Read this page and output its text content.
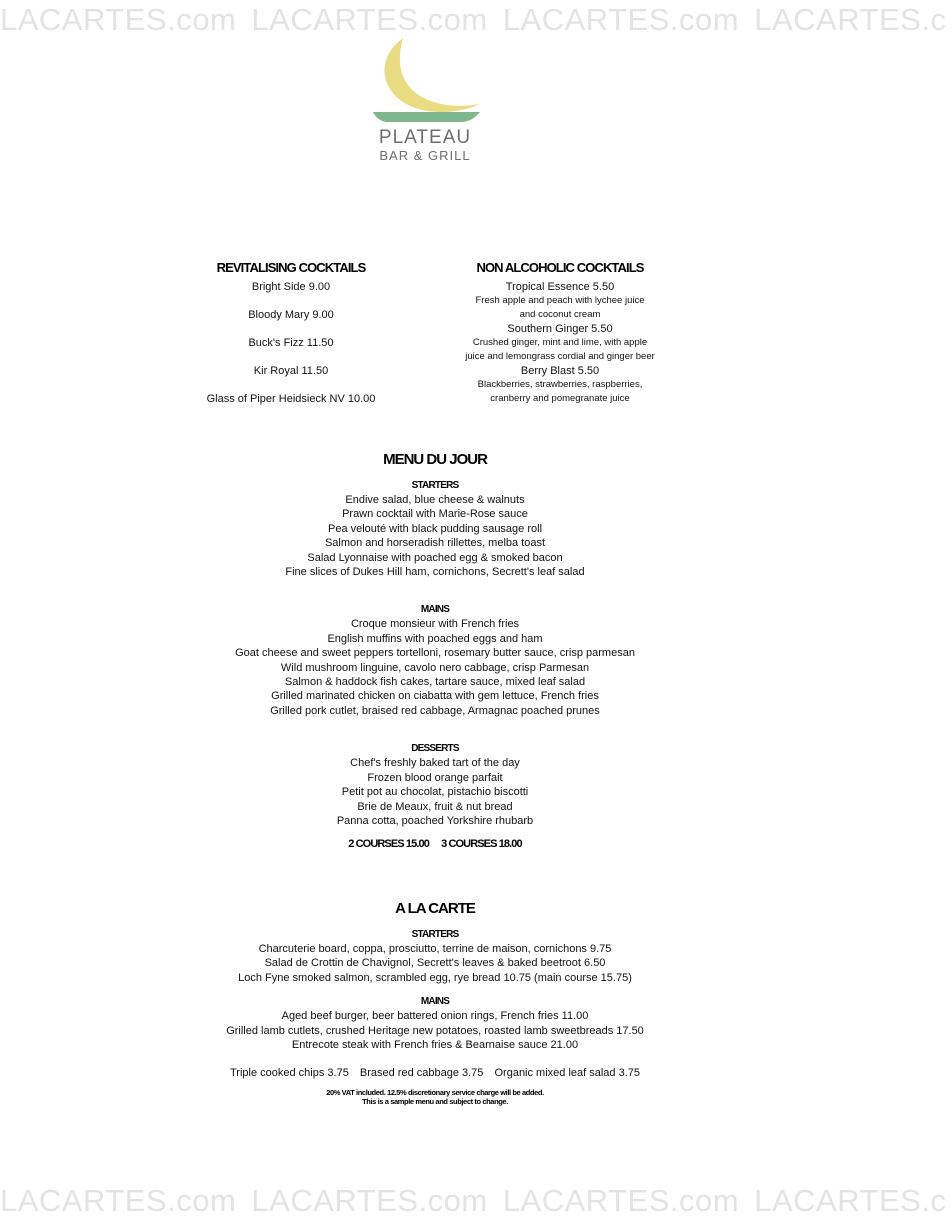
LACARTES.com LACARTES.com LACARTES.com LACARTES.c
LACARTES.com LACARTES.com LACARTES.com LACARTES.c
PLATEAU
BAR & GRILL
REVITALISING COCKTAILS
Bright Side 9.00
Bloody Mary 9.00
Buck's Fizz 11.50
Kir Royal 11.50
Glass of Piper Heidsieck NV 10.00
NON ALCOHOLIC COCKTAILS
Tropical Essence 5.50
Fresh apple and peach with lychee juice
and coconut cream
Southern Ginger 5.50
Crushed ginger, mint and lime, with apple
juice and lemongrass cordial and ginger beer
Berry Blast 5.50
Blackberries, strawberries, raspberries,
cranberry and pomegranate juice
MENU DU JOUR
STARTERS
Endive salad, blue cheese & walnuts
Prawn cocktail with Marie-Rose sauce
Pea velouté with black pudding sausage roll
Salmon and horseradish rillettes, melba toast
Salad Lyonnaise with poached egg & smoked bacon
Fine slices of Dukes Hill ham, cornichons, Secrett's leaf salad
MAINS
Croque monsieur with French fries
English muffins with poached eggs and ham
Goat cheese and sweet peppers tortelloni, rosemary butter sauce, crisp parmesan
Wild mushroom linguine, cavolo nero cabbage, crisp Parmesan
Salmon & haddock fish cakes, tartare sauce, mixed leaf salad
Grilled marinated chicken on ciabatta with gem lettuce, French fries
Grilled pork cutlet, braised red cabbage, Armagnac poached prunes
DESSERTS
Chef's freshly baked tart of the day
Frozen blood orange parfait
Petit pot au chocolat, pistachio biscotti
Brie de Meaux, fruit & nut bread
Panna cotta, poached Yorkshire rhubarb
2 COURSES 15.00 3 COURSES 18.00
A LA CARTE
STARTERS
Charcuterie board, coppa, prosciutto, terrine de maison, cornichons 9.75
Salad de Crottin de Chavignol, Secrett's leaves & baked beetroot 6.50
Loch Fyne smoked salmon, scrambled egg, rye bread 10.75 (main course 15.75)
MAINS
Aged beef burger, beer battered onion rings, French fries 11.00
Grilled lamb cutlets, crushed Heritage new potatoes, roasted lamb sweetbreads 17.50
Entrecote steak with French fries & Bearnaise sauce 21.00
Triple cooked chips 3.75 Brased red cabbage 3.75 Organic mixed leaf salad 3.75
20% VAT included. 12.5% discretionary service charge will be added.
This is a sample menu and subject to change.
